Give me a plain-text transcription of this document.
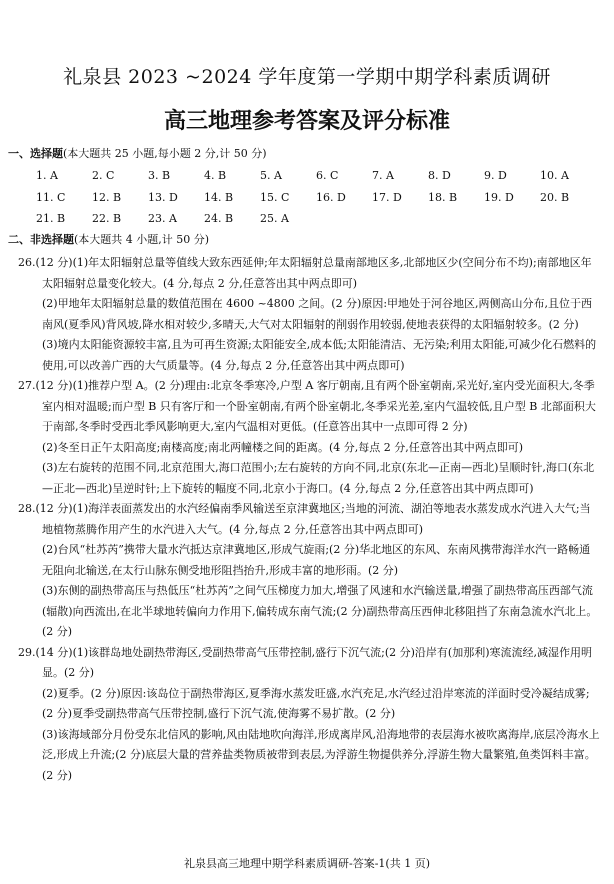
礼泉县 2023 ~2024 学年度第一学期中期学科素质调研
高三地理参考答案及评分标准
一、选择题(本大题共 25 小题,每小题 2 分,计 50 分)
1. A	2. C	3. B	4. B	5. A	6. C	7. A	8. D	9. D	10. A
11. C 12. B 13. D 14. B 15. C 16. D 17. D 18. B 19. D 20. B
21. B 22. B 23. A 24. B 25. A
二、非选择题(本大题共 4 小题,计 50 分)

26.(12 分)(1)年太阳辐射总量等值线大致东西延伸;年太阳辐射总量南部地区多,北部地区少(空间分布不均);南部地区年太阳辐射总量变化较大。(4 分,每点 2 分,任意答出其中两点即可)

(2)甲地年太阳辐射总量的数值范围在 4600 ~4800 之间。(2 分)原因:甲地处于河谷地区,两侧高山分布,且位于西南风(夏季风)背风坡,降水相对较少,多晴天,大气对太阳辐射的削弱作用较弱,使地表获得的太阳辐射较多。(2 分)

(3)境内太阳能资源较丰富,且为可再生资源;太阳能安全,成本低;太阳能清洁、无污染;利用太阳能,可减少化石燃料的使用,可以改善广西的大气质量等。(4 分,每点 2 分,任意答出其中两点即可)

27.(12 分)(1)推荐户型 A。(2 分)理由:北京冬季寒冷,户型 A 客厅朝南,且有两个卧室朝南,采光好,室内受光面积大,冬季室内相对温暖;而户型 B 只有客厅和一个卧室朝南,有两个卧室朝北,冬季采光差,室内气温较低,且户型 B 北部面积大于南部,冬季时受西北季风影响更大,室内气温相对更低。(任意答出其中一点即可得 2 分)

(2)冬至日正午太阳高度;南楼高度;南北两幢楼之间的距离。(4 分,每点 2 分,任意答出其中两点即可)

(3)左右旋转的范围不同,北京范围大,海口范围小;左右旋转的方向不同,北京(东北—正南—西北)呈顺时针,海口(东北—正北—西北)呈逆时针;上下旋转的幅度不同,北京小于海口。(4 分,每点 2 分,任意答出其中两点即可)

28.(12 分)(1)海洋表面蒸发出的水汽经偏南季风输送至京津冀地区;当地的河流、湖泊等地表水蒸发成水汽进入大气;当地植物蒸腾作用产生的水汽进入大气。(4 分,每点 2 分,任意答出其中两点即可)

(2)台风“杜苏芮”携带大量水汽抵达京津冀地区,形成气旋雨;(2 分)华北地区的东风、东南风携带海洋水汽一路畅通无阻向北输送,在太行山脉东侧受地形阻挡抬升,形成丰富的地形雨。(2 分)

(3)东侧的副热带高压与热低压“杜苏芮”之间气压梯度力加大,增强了风速和水汽输送量,增强了副热带高压西部气流(辐散)向西流出,在北半球地转偏向力作用下,偏转成东南气流;(2 分)副热带高压西伸北移阻挡了东南急流水汽北上。(2 分)

29.(14 分)(1)该群岛地处副热带海区,受副热带高气压带控制,盛行下沉气流;(2 分)沿岸有(加那利)寒流流经,减湿作用明显。(2 分)

(2)夏季。(2 分)原因:该岛位于副热带海区,夏季海水蒸发旺盛,水汽充足,水汽经过沿岸寒流的洋面时受冷凝结成雾;(2 分)夏季受副热带高气压带控制,盛行下沉气流,使海雾不易扩散。(2 分)

(3)该海域部分月份受东北信风的影响,风由陆地吹向海洋,形成离岸风,沿海地带的表层海水被吹离海岸,底层冷海水上泛,形成上升流;(2 分)底层大量的营养盐类物质被带到表层,为浮游生物提供养分,浮游生物大量繁殖,鱼类饵料丰富。(2 分)

礼泉县高三地理中期学科素质调研-答案-1(共 1 页)
